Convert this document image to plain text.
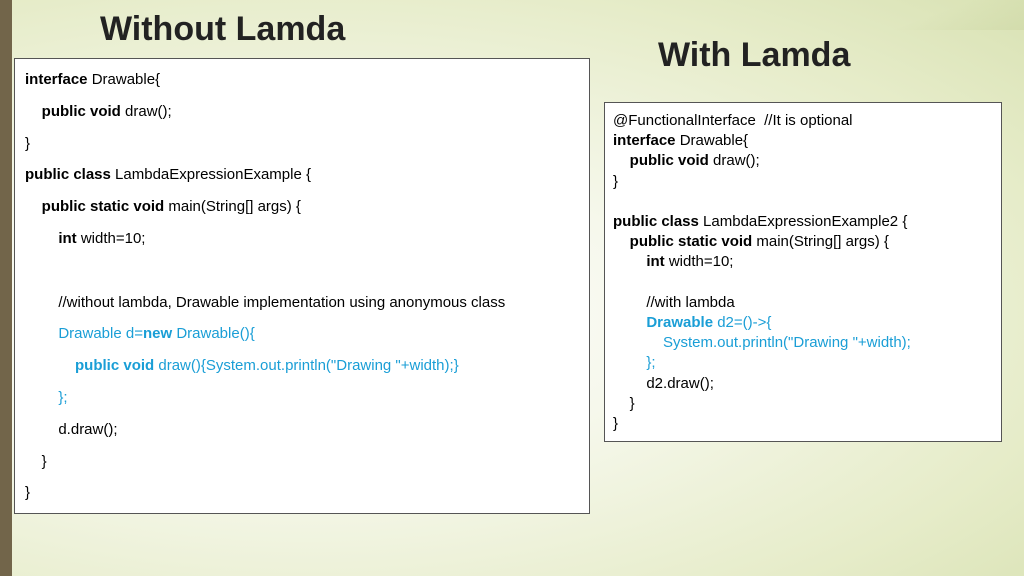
Without Lamda
With Lamda
interface Drawable{
public void draw();
}
public class LambdaExpressionExample {
public static void main(String[] args) {
int width=10;

//without lambda, Drawable implementation using anonymous class
Drawable d=new Drawable(){
public void draw(){System.out.println("Drawing "+width);}
};
d.draw();
}
}
@FunctionalInterface  //It is optional
interface Drawable{
public void draw();
}

public class LambdaExpressionExample2 {
public static void main(String[] args) {
int width=10;

//with lambda
Drawable d2=()->{
System.out.println("Drawing "+width);
};
d2.draw();
}
}
